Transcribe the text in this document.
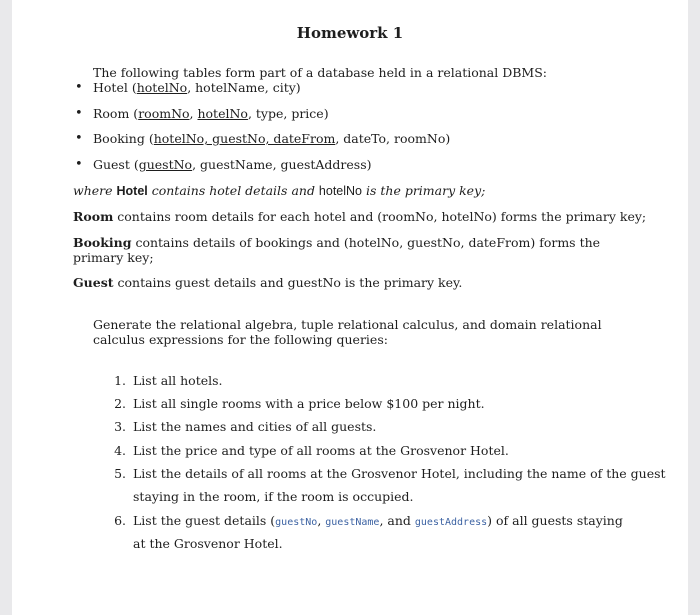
Homework 1
The following tables form part of a database held in a relational DBMS:
• Hotel (hotelNo, hotelName, city)
• Room (roomNo, hotelNo, type, price)
• Booking (hotelNo, guestNo, dateFrom, dateTo, roomNo)
• Guest (guestNo, guestName, guestAddress)
where Hotel contains hotel details and hotelNo is the primary key;
Room contains room details for each hotel and (roomNo, hotelNo) forms the primary key;
Booking contains details of bookings and (hotelNo, guestNo, dateFrom) forms the primary key;
Guest contains guest details and guestNo is the primary key.
Generate the relational algebra, tuple relational calculus, and domain relational calculus expressions for the following queries:
1. List all hotels.
2. List all single rooms with a price below $100 per night.
3. List the names and cities of all guests.
4. List the price and type of all rooms at the Grosvenor Hotel.
5. List the details of all rooms at the Grosvenor Hotel, including the name of the guest
staying in the room, if the room is occupied.
6. List the guest details (guestNo, guestName, and guestAddress) of all guests staying
at the Grosvenor Hotel.
